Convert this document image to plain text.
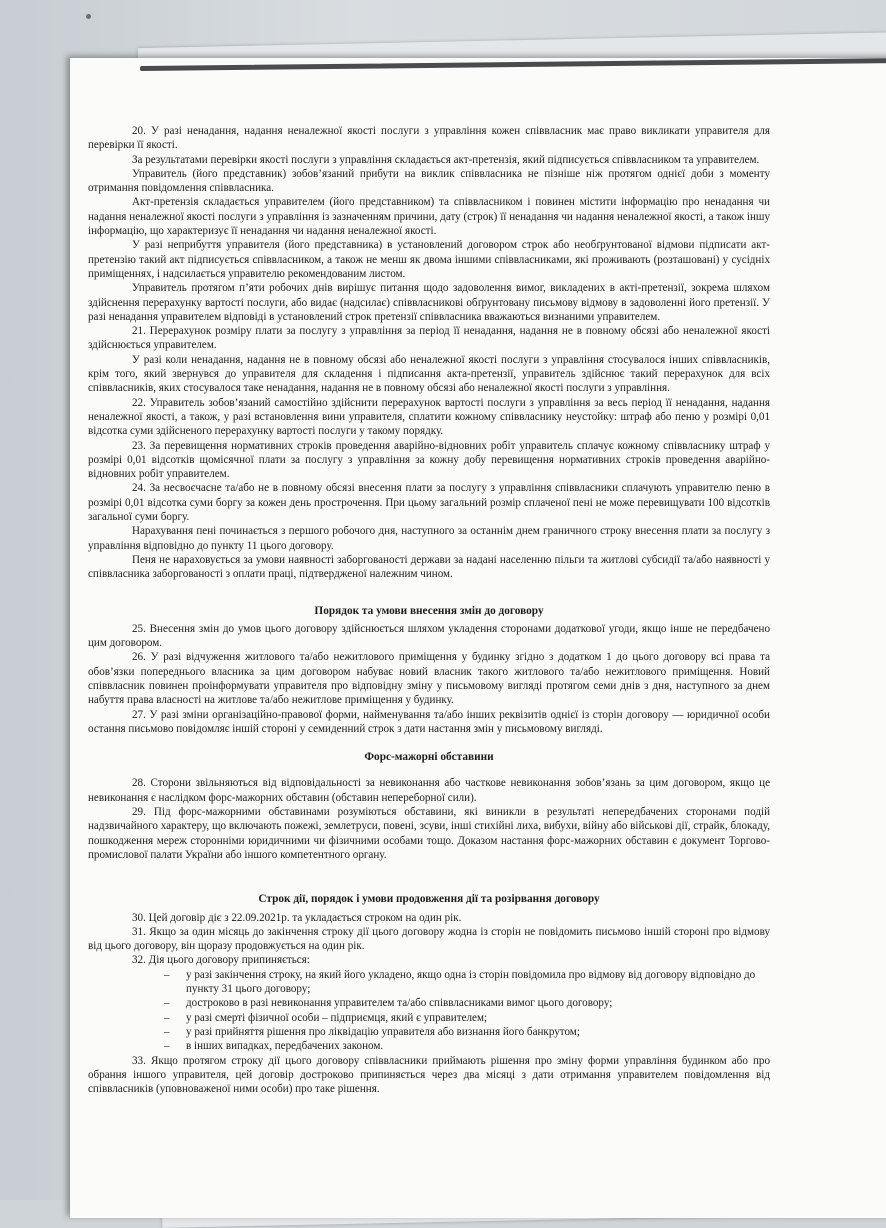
20. У разі ненадання, надання неналежної якості послуги з управління кожен співвласник має право викликати управителя для перевірки її якості.

За результатами перевірки якості послуги з управління складається акт-претензія, який підписується співвласником та управителем.

Управитель (його представник) зобов’язаний прибути на виклик співвласника не пізніше ніж протягом однієї доби з моменту отримання повідомлення співвласника.

Акт-претензія складається управителем (його представником) та співвласником і повинен містити інформацію про ненадання чи надання неналежної якості послуги з управління із зазначенням причини, дату (строк) її ненадання чи надання неналежної якості, а також іншу інформацію, що характеризує її ненадання чи надання неналежної якості.

У разі неприбуття управителя (його представника) в установлений договором строк або необґрунтованої відмови підписати акт-претензію такий акт підписується співвласником, а також не менш як двома іншими співвласниками, які проживають (розташовані) у сусідніх приміщеннях, і надсилається управителю рекомендованим листом.

Управитель протягом п’яти робочих днів вирішує питання щодо задоволення вимог, викладених в акті-претензії, зокрема шляхом здійснення перерахунку вартості послуги, або видає (надсилає) співвласникові обґрунтовану письмову відмову в задоволенні його претензії. У разі ненадання управителем відповіді в установлений строк претензії співвласника вважаються визнаними управителем.

21. Перерахунок розміру плати за послугу з управління за період її ненадання, надання не в повному обсязі або неналежної якості здійснюється управителем.

У разі коли ненадання, надання не в повному обсязі або неналежної якості послуги з управління стосувалося інших співвласників, крім того, який звернувся до управителя для складення і підписання акта-претензії, управитель здійснює такий перерахунок для всіх співвласників, яких стосувалося таке ненадання, надання не в повному обсязі або неналежної якості послуги з управління.

22. Управитель зобов’язаний самостійно здійснити перерахунок вартості послуги з управління за весь період її ненадання, надання неналежної якості, а також, у разі встановлення вини управителя, сплатити кожному співвласнику неустойку: штраф або пеню у розмірі 0,01 відсотка суми здійсненого перерахунку вартості послуги у такому порядку.

23. За перевищення нормативних строків проведення аварійно-відновних робіт управитель сплачує кожному співвласнику штраф у розмірі 0,01 відсотків щомісячної плати за послугу з управління за кожну добу перевищення нормативних строків проведення аварійно-відновних робіт управителем.

24. За несвоєчасне та/або не в повному обсязі внесення плати за послугу з управління співвласники сплачують управителю пеню в розмірі 0,01 відсотка суми боргу за кожен день прострочення. При цьому загальний розмір сплаченої пені не може перевищувати 100 відсотків загальної суми боргу.

Нарахування пені починається з першого робочого дня, наступного за останнім днем граничного строку внесення плати за послугу з управління відповідно до пункту 11 цього договору.

Пеня не нараховується за умови наявності заборгованості держави за надані населенню пільги та житлові субсидії та/або наявності у співвласника заборгованості з оплати праці, підтвердженої належним чином.

Порядок та умови внесення змін до договору

25. Внесення змін до умов цього договору здійснюється шляхом укладення сторонами додаткової угоди, якщо інше не передбачено цим договором.

26. У разі відчуження житлового та/або нежитлового приміщення у будинку згідно з додатком 1 до цього договору всі права та обов’язки попереднього власника за цим договором набуває новий власник такого житлового та/або нежитлового приміщення. Новий співвласник повинен проінформувати управителя про відповідну зміну у письмовому вигляді протягом семи днів з дня, наступного за днем набуття права власності на житлове та/або нежитлове приміщення у будинку.

27. У разі зміни організаційно-правової форми, найменування та/або інших реквізитів однієї із сторін договору — юридичної особи остання письмово повідомляє іншій стороні у семиденний строк з дати настання змін у письмовому вигляді.

Форс-мажорні обставини

28. Сторони звільняються від відповідальності за невиконання або часткове невиконання зобов’язань за цим договором, якщо це невиконання є наслідком форс-мажорних обставин (обставин непереборної сили).

29. Під форс-мажорними обставинами розуміються обставини, які виникли в результаті непередбачених сторонами подій надзвичайного характеру, що включають пожежі, землетруси, повені, зсуви, інші стихійні лиха, вибухи, війну або військові дії, страйк, блокаду, пошкодження мереж сторонніми юридичними чи фізичними особами тощо. Доказом настання форс-мажорних обставин є документ Торгово-промислової палати України або іншого компетентного органу.

Строк дії, порядок і умови продовження дії та розірвання договору

30. Цей договір діє з 22.09.2021р. та укладається строком на один рік.

31. Якщо за один місяць до закінчення строку дії цього договору жодна із сторін не повідомить письмово іншій стороні про відмову від цього договору, він щоразу продовжується на один рік.

32. Дія цього договору припиняється:

– у разі закінчення строку, на який його укладено, якщо одна із сторін повідомила про відмову від договору відповідно до пункту 31 цього договору;

– достроково в разі невиконання управителем та/або співвласниками вимог цього договору;

– у разі смерті фізичної особи – підприємця, який є управителем;

– у разі прийняття рішення про ліквідацію управителя або визнання його банкрутом;

– в інших випадках, передбачених законом.

33. Якщо протягом строку дії цього договору співвласники приймають рішення про зміну форми управління будинком або про обрання іншого управителя, цей договір достроково припиняється через два місяці з дати отримання управителем повідомлення від співвласників (уповноваженої ними особи) про таке рішення.
